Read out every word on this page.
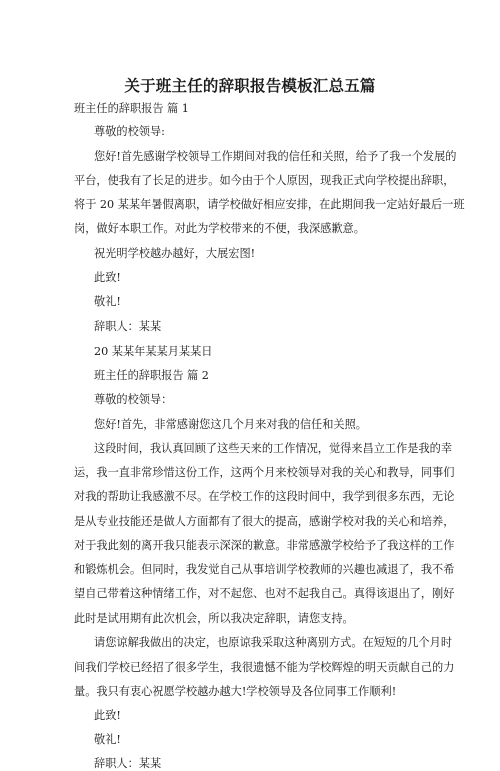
关于班主任的辞职报告模板汇总五篇
班主任的辞职报告 篇 1
尊敬的校领导:
您好!首先感谢学校领导工作期间对我的信任和关照，给予了我一个发展的
平台，使我有了长足的进步。如今由于个人原因，现我正式向学校提出辞职，
将于 20 某某年暑假离职，请学校做好相应安排，在此期间我一定站好最后一班
岗，做好本职工作。对此为学校带来的不便，我深感歉意。
祝光明学校越办越好，大展宏图!
此致!
敬礼!
辞职人：某某
20 某某年某某月某某日
班主任的辞职报告 篇 2
尊敬的校领导：
您好!首先，非常感谢您这几个月来对我的信任和关照。
这段时间，我认真回顾了这些天来的工作情况，觉得来昌立工作是我的幸
运，我一直非常珍惜这份工作，这两个月来校领导对我的关心和教导，同事们
对我的帮助让我感激不尽。在学校工作的这段时间中，我学到很多东西，无论
是从专业技能还是做人方面都有了很大的提高，感谢学校对我的关心和培养，
对于我此刻的离开我只能表示深深的歉意。非常感激学校给予了我这样的工作
和锻炼机会。但同时，我发觉自己从事培训学校教师的兴趣也减退了，我不希
望自己带着这种情绪工作，对不起您、也对不起我自己。真得该退出了，刚好
此时是试用期有此次机会，所以我决定辞职，请您支持。
请您谅解我做出的决定，也原谅我采取这种离别方式。在短短的几个月时
间我们学校已经招了很多学生，我很遗憾不能为学校辉煌的明天贡献自己的力
量。我只有衷心祝愿学校越办越大!学校领导及各位同事工作顺利!
此致!
敬礼!
辞职人：某某
